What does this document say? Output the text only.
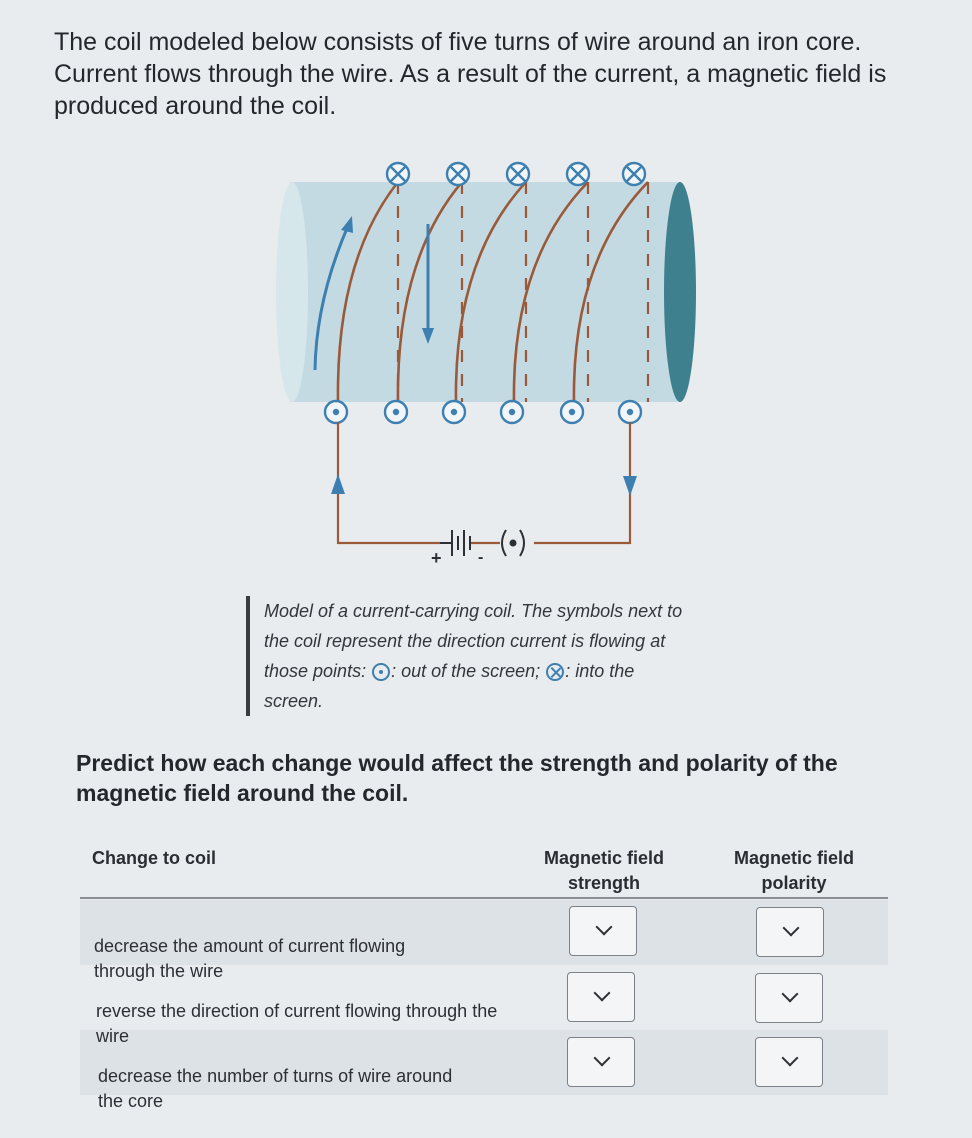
The coil modeled below consists of five turns of wire around an iron core. Current flows through the wire. As a result of the current, a magnetic field is produced around the coil.
+ -
Model of a current-carrying coil. The symbols next to the coil represent the direction current is flowing at those points: : out of the screen; : into the screen.
Predict how each change would affect the strength and polarity of the magnetic field around the coil.
Change to coil	Magnetic field strength
Magnetic field polarity
decrease the amount of current flowing through the wire
reverse the direction of current flowing through the wire
decrease the number of turns of wire around the core
